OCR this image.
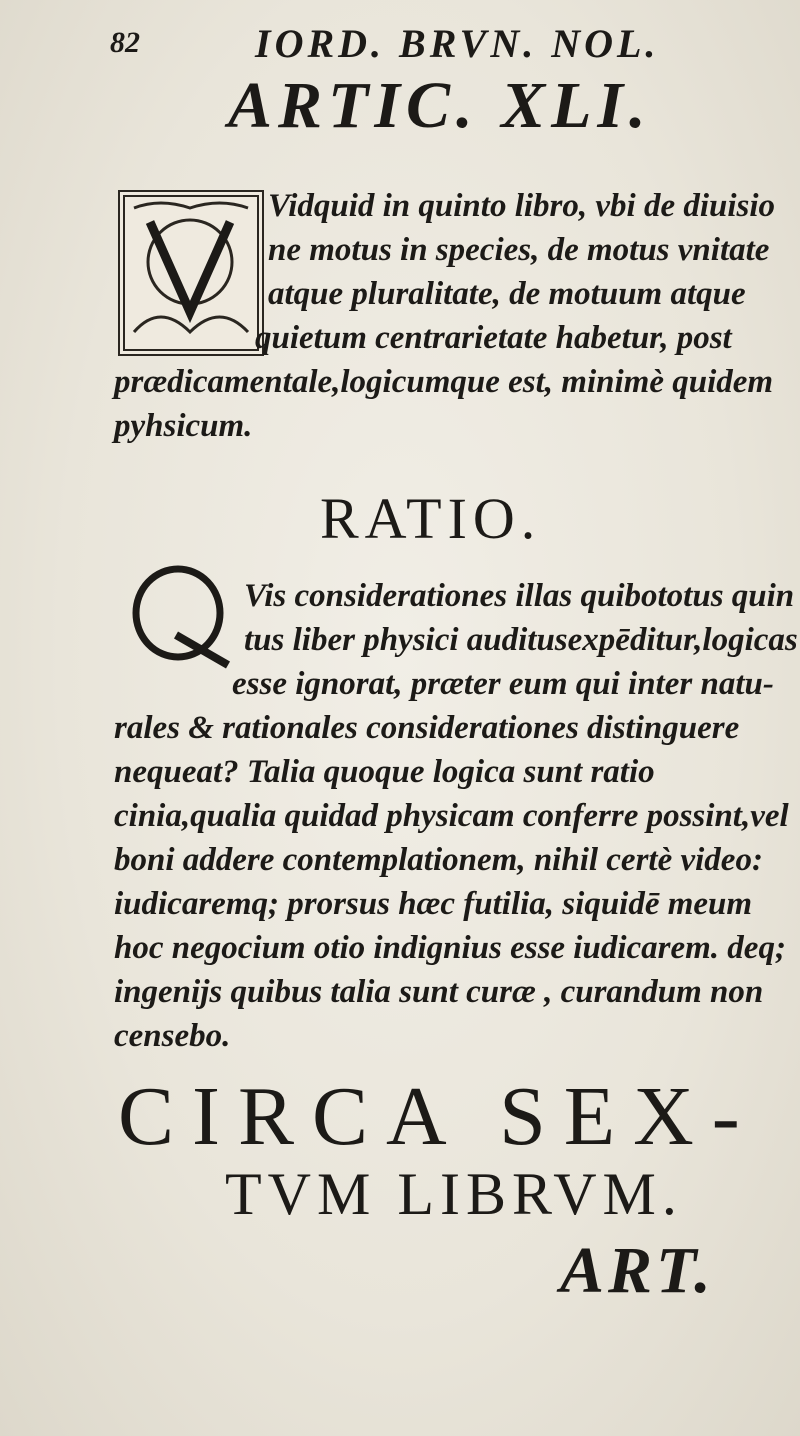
82	IORD. BRVN. NOL.
ARTIC. XLI.
Vidquid in quinto libro, vbi de diuisio
ne motus in species, de motus vnitate
atque pluralitate, de motuum atque
quietum centrarietate habetur, post
prædicamentale,logicumque est, minimè quidem
pyhsicum.
RATIO.
Vis considerationes illas quibototus quin
tus liber physici auditusexpēditur,logicas
esse ignorat, præter eum qui inter natu-
rales & rationales considerationes distinguere
nequeat? Talia quoque logica sunt ratio
cinia,qualia quidad physicam conferre possint,vel
boni addere contemplationem, nihil certè video:
iudicaremq; prorsus hæc futilia, siquidē meum
hoc negocium otio indignius esse iudicarem. deq;
ingenijs quibus talia sunt curæ , curandum non
censebo.
CIRCA SEX-
TVM LIBRVM.
ART.
